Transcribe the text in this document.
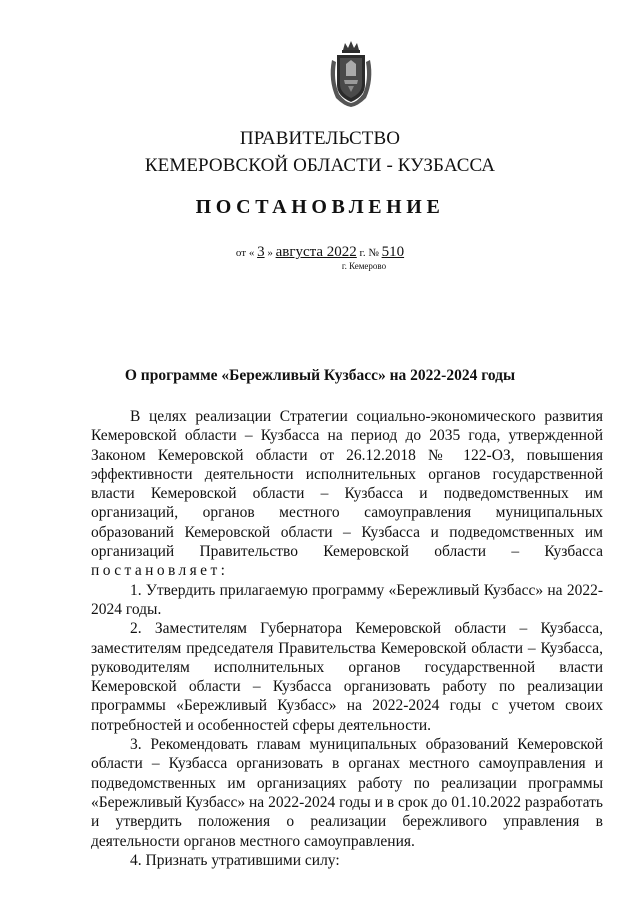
ПРАВИТЕЛЬСТВО
КЕМЕРОВСКОЙ ОБЛАСТИ - КУЗБАССА
ПОСТАНОВЛЕНИЕ
от « 3 » августа 2022 г. № 510
г. Кемерово
О программе «Бережливый Кузбасс» на 2022-2024 годы

В целях реализации Стратегии социально-экономического развития Кемеровской области – Кузбасса на период до 2035 года, утвержденной Законом Кемеровской области от 26.12.2018 № 122-ОЗ, повышения эффективности деятельности исполнительных органов государственной власти Кемеровской области – Кузбасса и подведомственных им организаций, органов местного самоуправления муниципальных образований Кемеровской области – Кузбасса и подведомственных им организаций Правительство Кемеровской области – Кузбасса постановляет:

1. Утвердить прилагаемую программу «Бережливый Кузбасс» на 2022-2024 годы.

2. Заместителям Губернатора Кемеровской области – Кузбасса, заместителям председателя Правительства Кемеровской области – Кузбасса, руководителям исполнительных органов государственной власти Кемеровской области – Кузбасса организовать работу по реализации программы «Бережливый Кузбасс» на 2022-2024 годы с учетом своих потребностей и особенностей сферы деятельности.

3. Рекомендовать главам муниципальных образований Кемеровской области – Кузбасса организовать в органах местного самоуправления и подведомственных им организациях работу по реализации программы «Бережливый Кузбасс» на 2022-2024 годы и в срок до 01.10.2022 разработать и утвердить положения о реализации бережливого управления в деятельности органов местного самоуправления.

4. Признать утратившими силу:
